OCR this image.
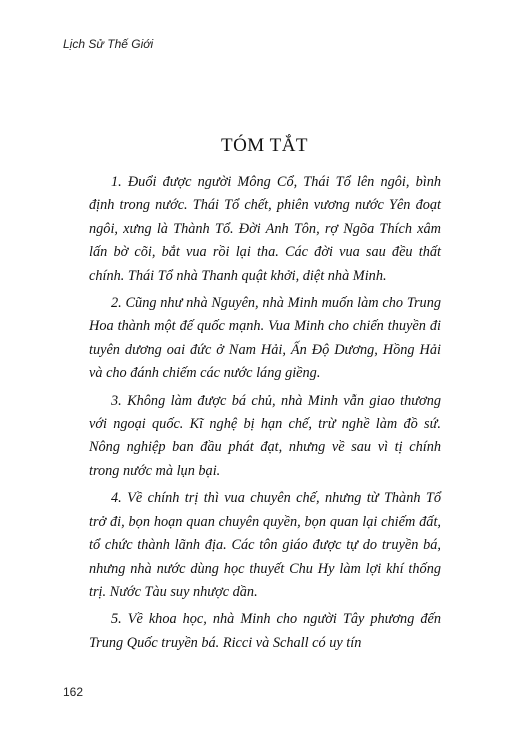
Lịch Sử Thế Giới
TÓM TẮT

1. Đuổi được người Mông Cổ, Thái Tổ lên ngôi, bình định trong nước. Thái Tổ chết, phiên vương nước Yên đoạt ngôi, xưng là Thành Tổ. Đời Anh Tôn, rợ Ngõa Thích xâm lấn bờ cõi, bắt vua rồi lại tha. Các đời vua sau đều thất chính. Thái Tổ nhà Thanh quật khởi, diệt nhà Minh.

2. Cũng như nhà Nguyên, nhà Minh muốn làm cho Trung Hoa thành một đế quốc mạnh. Vua Minh cho chiến thuyền đi tuyên dương oai đức ở Nam Hải, Ấn Độ Dương, Hồng Hải và cho đánh chiếm các nước láng giềng.

3. Không làm được bá chủ, nhà Minh vẫn giao thương với ngoại quốc. Kĩ nghệ bị hạn chế, trừ nghề làm đồ sứ. Nông nghiệp ban đầu phát đạt, nhưng về sau vì tị chính trong nước mà lụn bại.

4. Về chính trị thì vua chuyên chế, nhưng từ Thành Tổ trở đi, bọn hoạn quan chuyên quyền, bọn quan lại chiếm đất, tổ chức thành lãnh địa. Các tôn giáo được tự do truyền bá, nhưng nhà nước dùng học thuyết Chu Hy làm lợi khí thống trị. Nước Tàu suy nhược dần.

5. Về khoa học, nhà Minh cho người Tây phương đến Trung Quốc truyền bá. Ricci và Schall có uy tín

162
